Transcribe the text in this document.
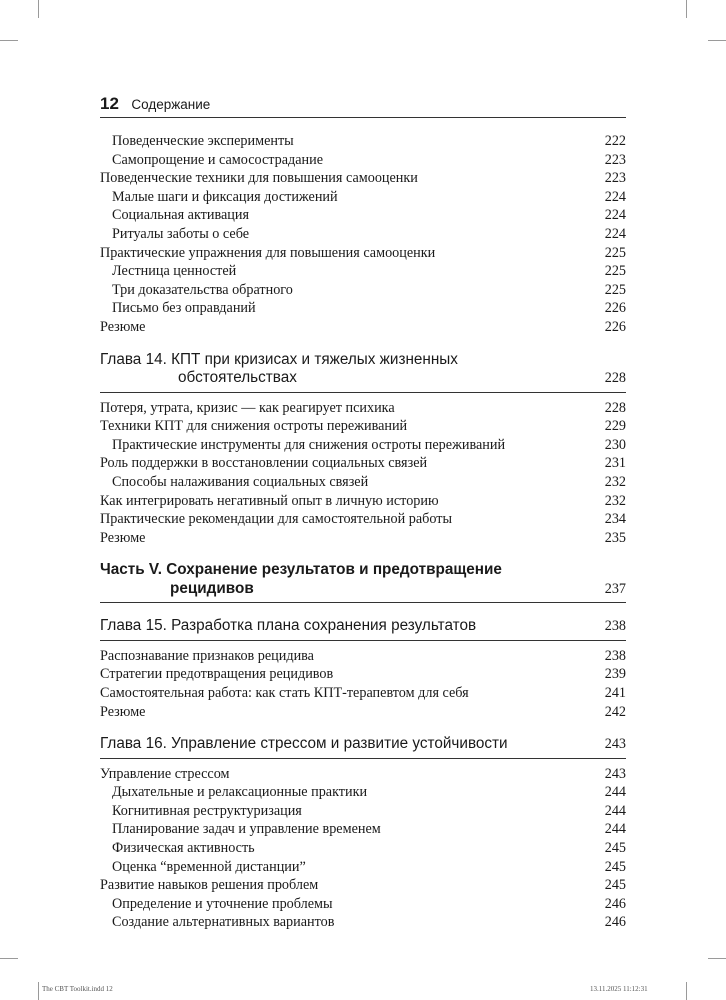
12 Содержание
Поведенческие эксперименты	222
Самопрощение и самосострадание	223
Поведенческие техники для повышения самооценки	223
Малые шаги и фиксация достижений	224
Социальная активация	224
Ритуалы заботы о себе	224
Практические упражнения для повышения самооценки	225
Лестница ценностей	225
Три доказательства обратного	225
Письмо без оправданий	226
Резюме	226
Глава 14. КПТ при кризисах и тяжелых жизненных
обстоятельствах	228
Потеря, утрата, кризис — как реагирует психика	228
Техники КПТ для снижения остроты переживаний	229
Практические инструменты для снижения остроты переживаний	230
Роль поддержки в восстановлении социальных связей	231
Способы налаживания социальных связей	232
Как интегрировать негативный опыт в личную историю	232
Практические рекомендации для самостоятельной работы	234
Резюме	235
Часть V. Сохранение результатов и предотвращение
рецидивов	237
Глава 15. Разработка плана сохранения результатов	238
Распознавание признаков рецидива	238
Стратегии предотвращения рецидивов	239
Самостоятельная работа: как стать КПТ-терапевтом для себя	241
Резюме	242
Глава 16. Управление стрессом и развитие устойчивости	243
Управление стрессом	243
Дыхательные и релаксационные практики	244
Когнитивная реструктуризация	244
Планирование задач и управление временем	244
Физическая активность	245
Оценка “временной дистанции”	245
Развитие навыков решения проблем	245
Определение и уточнение проблемы	246
Создание альтернативных вариантов	246
The CBT Toolkit.indd 12	13.11.2025 11:12:31
